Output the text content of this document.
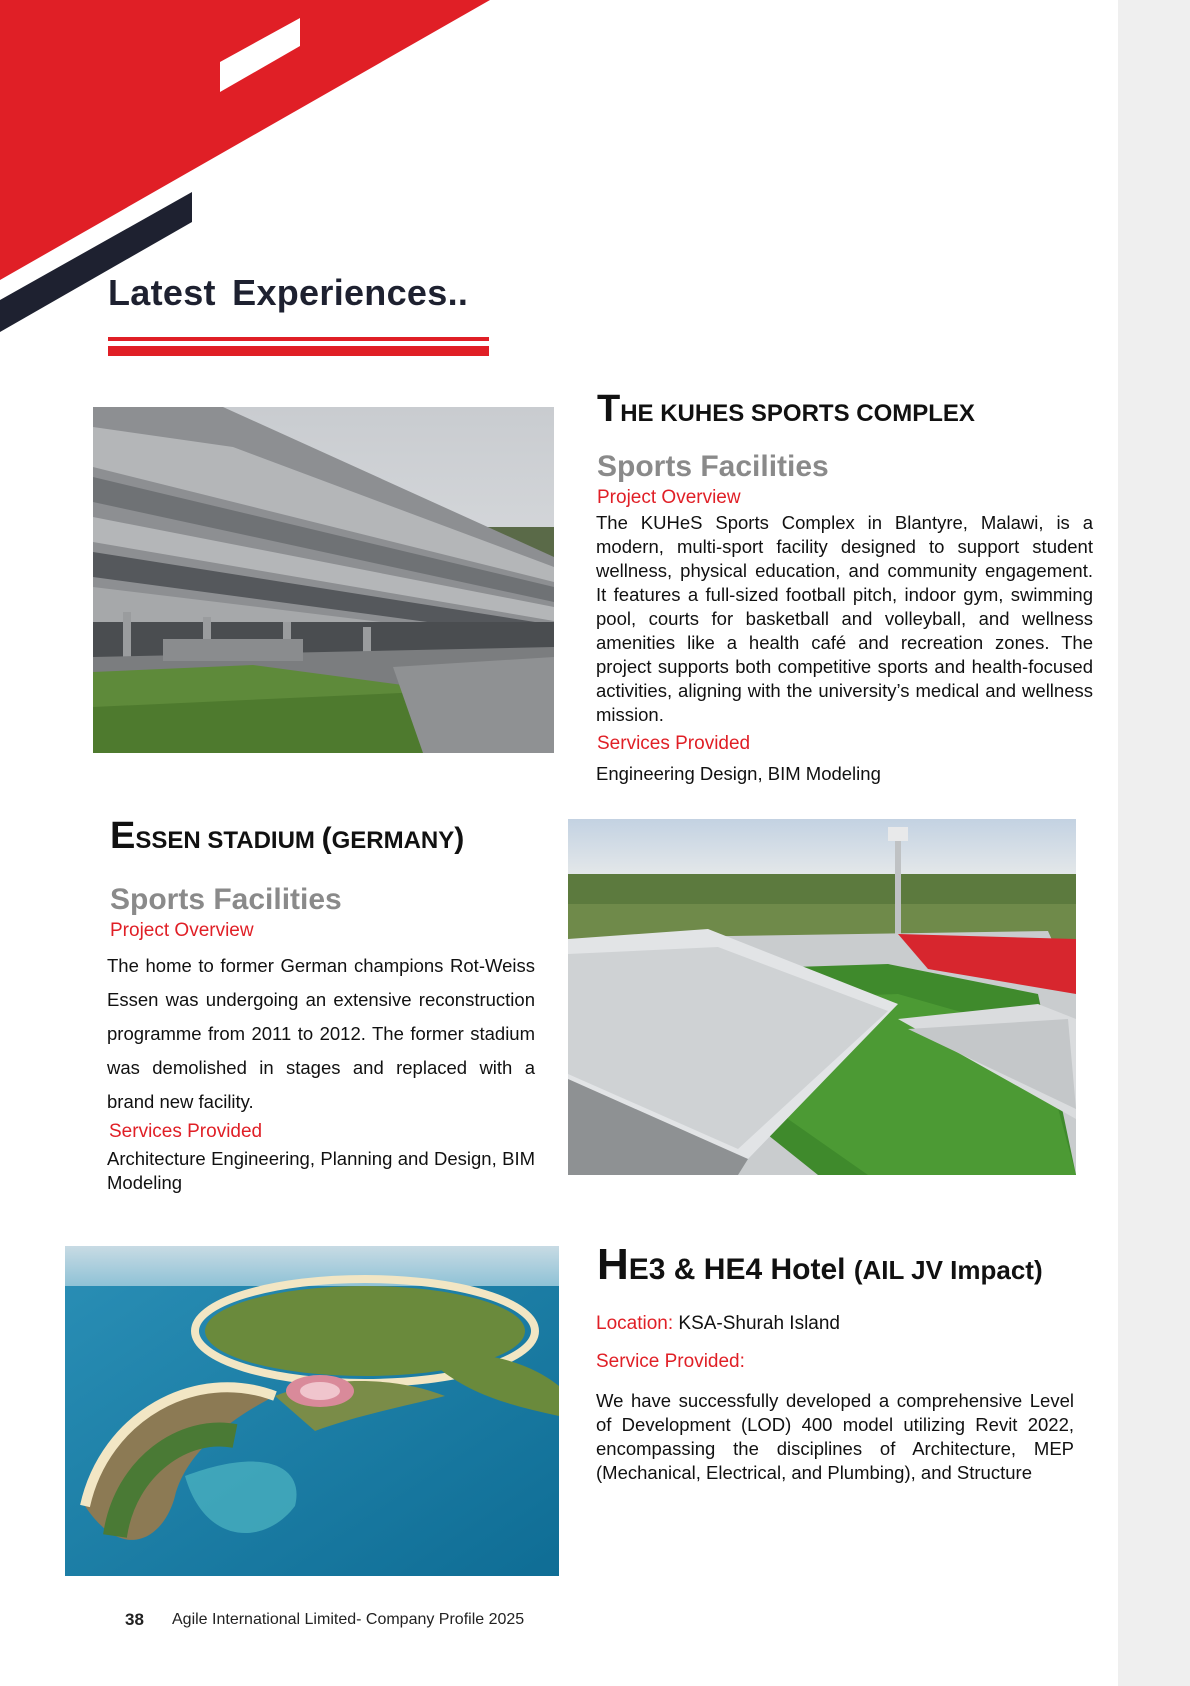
Latest Experiences..
THE KUHES SPORTS COMPLEX
Sports Facilities
Project Overview
The KUHeS Sports Complex in Blantyre, Malawi, is a modern, multi-sport facility designed to support student wellness, physical education, and community engagement. It features a full-sized football pitch, indoor gym, swimming pool, courts for basketball and volleyball, and wellness amenities like a health café and recreation zones. The project supports both competitive sports and health-focused activities, aligning with the university’s medical and wellness mission.
Services Provided
Engineering Design, BIM Modeling
ESSEN STADIUM (GERMANY)
Sports Facilities
Project Overview
The home to former German champions Rot-Weiss Essen was undergoing an extensive reconstruction programme from 2011 to 2012. The former stadium was demolished in stages and replaced with a brand new facility.
Services Provided
Architecture Engineering, Planning and Design, BIM Modeling
HE3 & HE4 Hotel (AIL JV Impact)
Location: KSA-Shurah Island
Service Provided:
We have successfully developed a comprehensive Level of Development (LOD) 400 model utilizing Revit 2022, encompassing the disciplines of Architecture, MEP (Mechanical, Electrical, and Plumbing), and Structure
38 Agile International Limited- Company Profile 2025
